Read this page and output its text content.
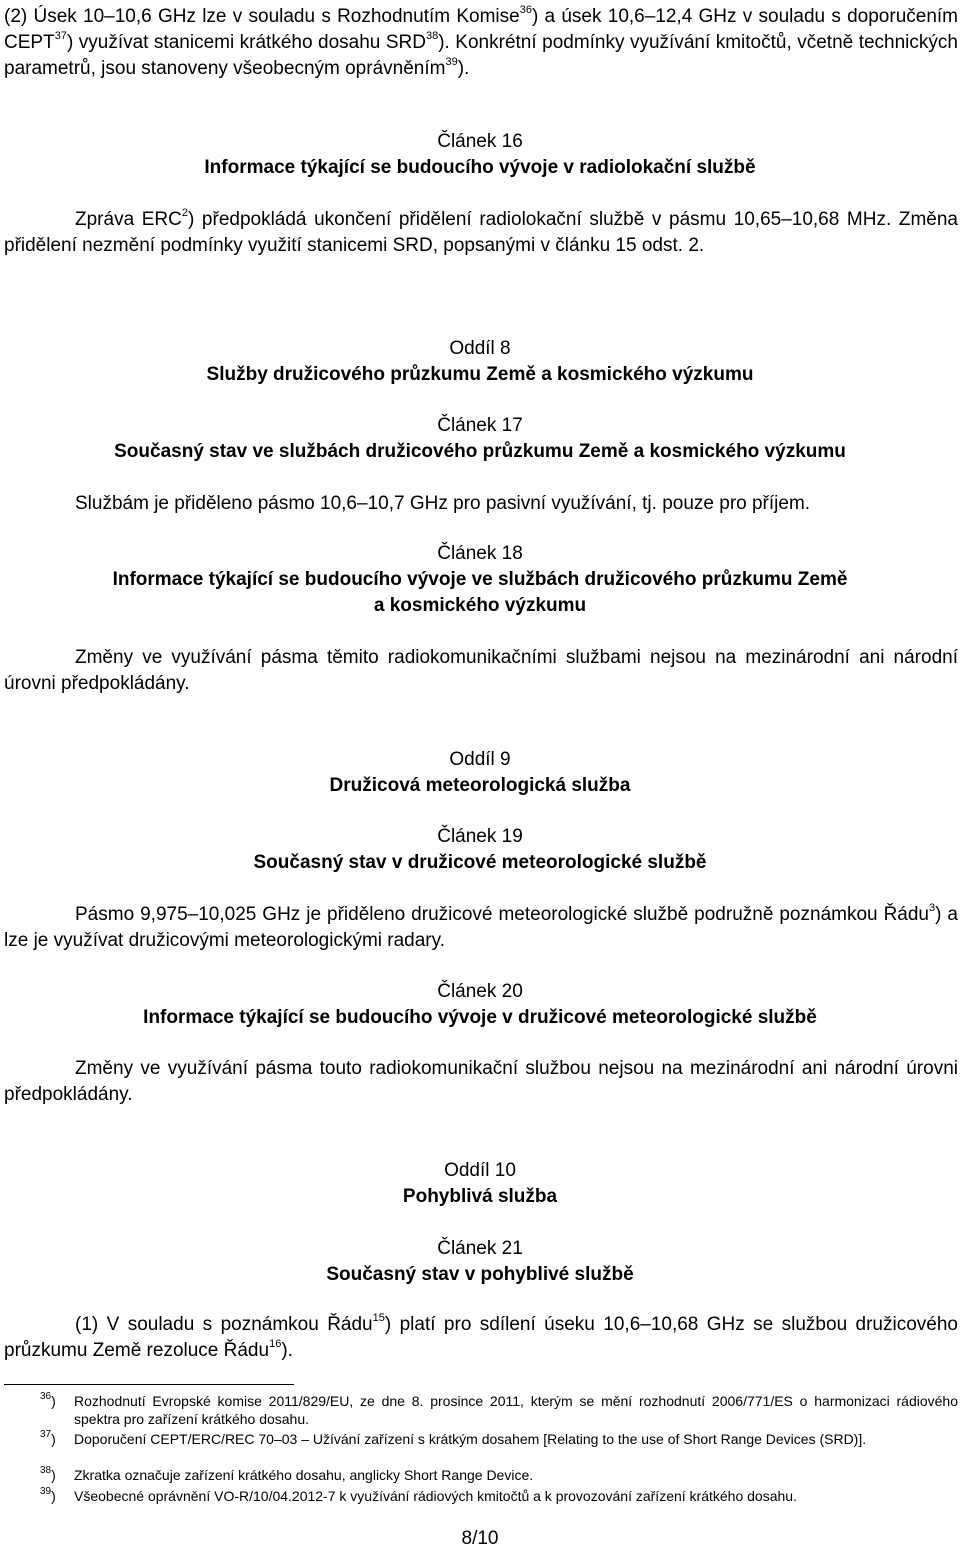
(2) Úsek 10–10,6 GHz lze v souladu s Rozhodnutím Komise$^{36}$) a úsek 10,6–12,4 GHz v souladu s doporučením CEPT$^{37}$) využívat stanicemi krátkého dosahu SRD$^{38}$). Konkrétní podmínky využívání kmitočtů, včetně technických parametrů, jsou stanoveny všeobecným oprávněním$^{39}$).
Článek 16
Informace týkající se budoucího vývoje v radiolokační službě
Zpráva ERC$^2$) předpokládá ukončení přidělení radiolokační službě v pásmu 10,65–10,68 MHz. Změna přidělení nezmění podmínky využití stanicemi SRD, popsanými v článku 15 odst. 2.
Oddíl 8
Služby družicového průzkumu Země a kosmického výzkumu
Článek 17
Současný stav ve službách družicového průzkumu Země a kosmického výzkumu
Službám je přiděleno pásmo 10,6–10,7 GHz pro pasivní využívání, tj. pouze pro příjem.
Článek 18
Informace týkající se budoucího vývoje ve službách družicového průzkumu Země
a kosmického výzkumu
Změny ve využívání pásma těmito radiokomunikačními službami nejsou na mezinárodní ani národní úrovni předpokládány.
Oddíl 9
Družicová meteorologická služba
Článek 19
Současný stav v družicové meteorologické službě
Pásmo 9,975–10,025 GHz je přiděleno družicové meteorologické službě podružně poznámkou Řádu$^3$) a lze je využívat družicovými meteorologickými radary.
Článek 20
Informace týkající se budoucího vývoje v družicové meteorologické službě
Změny ve využívání pásma touto radiokomunikační službou nejsou na mezinárodní ani národní úrovni předpokládány.
Oddíl 10
Pohyblivá služba
Článek 21
Současný stav v pohyblivé službě
(1) V souladu s poznámkou Řádu$^{15}$) platí pro sdílení úseku 10,6–10,68 GHz se službou družicového průzkumu Země rezoluce Řádu$^{16}$).
$^{36}$)	Rozhodnutí Evropské komise 2011/829/EU, ze dne 8. prosince 2011, kterým se mění rozhodnutí 2006/771/ES o harmonizaci rádiového spektra pro zařízení krátkého dosahu.
$^{37}$)	Doporučení CEPT/ERC/REC 70–03 – Užívání zařízení s krátkým dosahem [Relating to the use of Short Range Devices (SRD)].
$^{38}$)	Zkratka označuje zařízení krátkého dosahu, anglicky Short Range Device.
$^{39}$)	Všeobecné oprávnění VO-R/10/04.2012-7 k využívání rádiových kmitočtů a k provozování zařízení krátkého dosahu.
8/10
